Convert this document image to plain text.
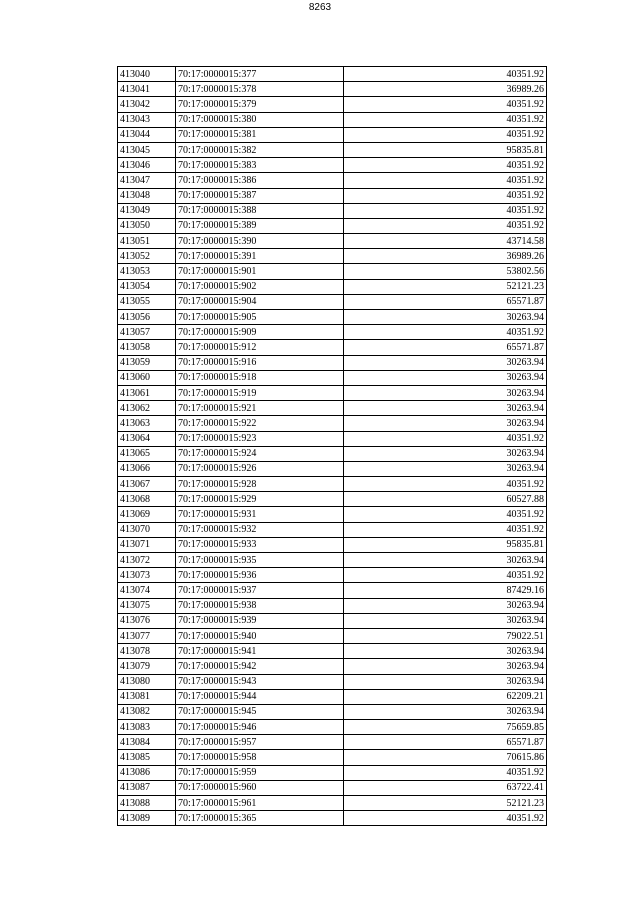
8263
413040	70:17:0000015:377	40351.92
413041	70:17:0000015:378	36989.26
413042	70:17:0000015:379	40351.92
413043	70:17:0000015:380	40351.92
413044	70:17:0000015:381	40351.92
413045	70:17:0000015:382	95835.81
413046	70:17:0000015:383	40351.92
413047	70:17:0000015:386	40351.92
413048	70:17:0000015:387	40351.92
413049	70:17:0000015:388	40351.92
413050	70:17:0000015:389	40351.92
413051	70:17:0000015:390	43714.58
413052	70:17:0000015:391	36989.26
413053	70:17:0000015:901	53802.56
413054	70:17:0000015:902	52121.23
413055	70:17:0000015:904	65571.87
413056	70:17:0000015:905	30263.94
413057	70:17:0000015:909	40351.92
413058	70:17:0000015:912	65571.87
413059	70:17:0000015:916	30263.94
413060	70:17:0000015:918	30263.94
413061	70:17:0000015:919	30263.94
413062	70:17:0000015:921	30263.94
413063	70:17:0000015:922	30263.94
413064	70:17:0000015:923	40351.92
413065	70:17:0000015:924	30263.94
413066	70:17:0000015:926	30263.94
413067	70:17:0000015:928	40351.92
413068	70:17:0000015:929	60527.88
413069	70:17:0000015:931	40351.92
413070	70:17:0000015:932	40351.92
413071	70:17:0000015:933	95835.81
413072	70:17:0000015:935	30263.94
413073	70:17:0000015:936	40351.92
413074	70:17:0000015:937	87429.16
413075	70:17:0000015:938	30263.94
413076	70:17:0000015:939	30263.94
413077	70:17:0000015:940	79022.51
413078	70:17:0000015:941	30263.94
413079	70:17:0000015:942	30263.94
413080	70:17:0000015:943	30263.94
413081	70:17:0000015:944	62209.21
413082	70:17:0000015:945	30263.94
413083	70:17:0000015:946	75659.85
413084	70:17:0000015:957	65571.87
413085	70:17:0000015:958	70615.86
413086	70:17:0000015:959	40351.92
413087	70:17:0000015:960	63722.41
413088	70:17:0000015:961	52121.23
413089	70:17:0000015:365	40351.92
